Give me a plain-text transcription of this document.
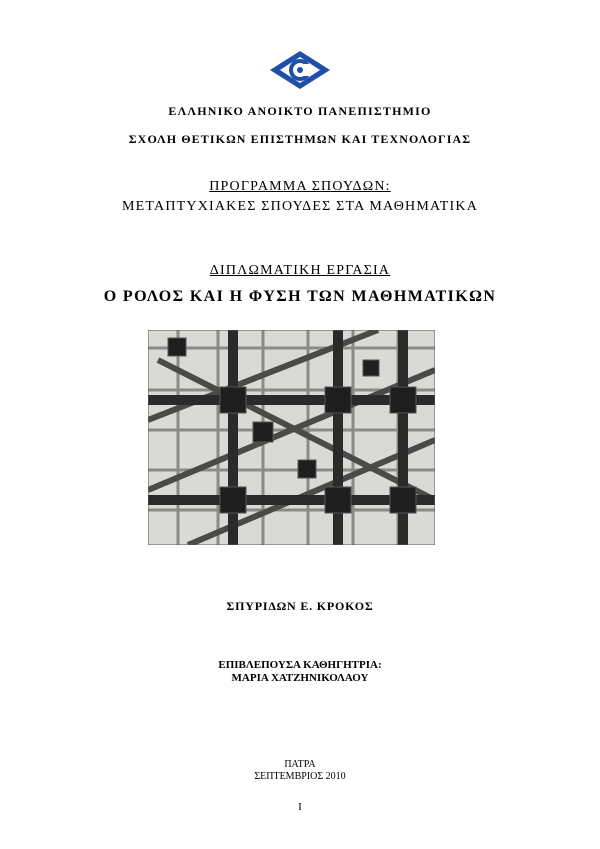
ΕΛΛΗΝΙΚΟ ΑΝΟΙΚΤΟ ΠΑΝΕΠΙΣΤΗΜΙΟ
ΣΧΟΛΗ ΘΕΤΙΚΩΝ ΕΠΙΣΤΗΜΩΝ ΚΑΙ ΤΕΧΝΟΛΟΓΙΑΣ
ΠΡΟΓΡΑΜΜΑ ΣΠΟΥΔΩΝ:
ΜΕΤΑΠΤΥΧΙΑΚΕΣ ΣΠΟΥΔΕΣ ΣΤΑ ΜΑΘΗΜΑΤΙΚΑ
ΔΙΠΛΩΜΑΤΙΚΗ ΕΡΓΑΣΙΑ
Ο ΡΟΛΟΣ ΚΑΙ Η ΦΥΣΗ ΤΩΝ ΜΑΘΗΜΑΤΙΚΩΝ
ΣΠΥΡΙΔΩΝ Ε. ΚΡΟΚΟΣ
ΕΠΙΒΛΕΠΟΥΣΑ ΚΑΘΗΓΗΤΡΙΑ:
ΜΑΡΙΑ ΧΑΤΖΗΝΙΚΟΛΑΟΥ
ΠΑΤΡΑ
ΣΕΠΤΕΜΒΡΙΟΣ 2010
I
